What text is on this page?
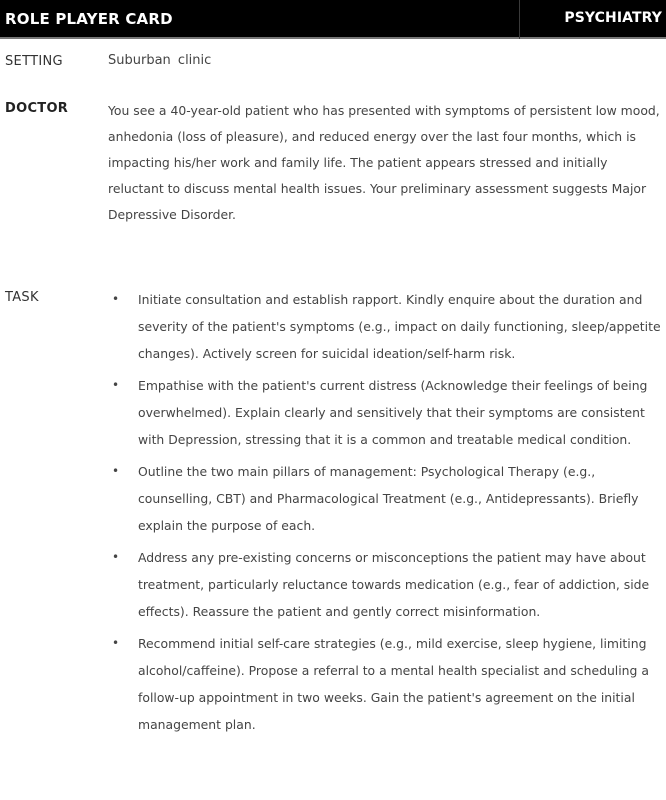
ROLE PLAYER CARD	PSYCHIATRY
SETTING	Suburban clinic
DOCTOR	You see a 40-year-old patient who has presented with symptoms of persistent low mood, anhedonia (loss of pleasure), and reduced energy over the last four months, which is impacting his/her work and family life. The patient appears stressed and initially reluctant to discuss mental health issues. Your preliminary assessment suggests Major Depressive Disorder.

TASK	• Initiate consultation and establish rapport. Kindly enquire about the duration and severity of the patient's symptoms (e.g., impact on daily functioning, sleep/appetite changes). Actively screen for suicidal ideation/self-harm risk.
• Empathise with the patient's current distress (Acknowledge their feelings of being overwhelmed). Explain clearly and sensitively that their symptoms are consistent with Depression, stressing that it is a common and treatable medical condition.
• Outline the two main pillars of management: Psychological Therapy (e.g., counselling, CBT) and Pharmacological Treatment (e.g., Antidepressants). Briefly explain the purpose of each.
• Address any pre-existing concerns or misconceptions the patient may have about treatment, particularly reluctance towards medication (e.g., fear of addiction, side effects). Reassure the patient and gently correct misinformation.
• Recommend initial self-care strategies (e.g., mild exercise, sleep hygiene, limiting alcohol/caffeine). Propose a referral to a mental health specialist and scheduling a follow-up appointment in two weeks. Gain the patient's agreement on the initial management plan.
